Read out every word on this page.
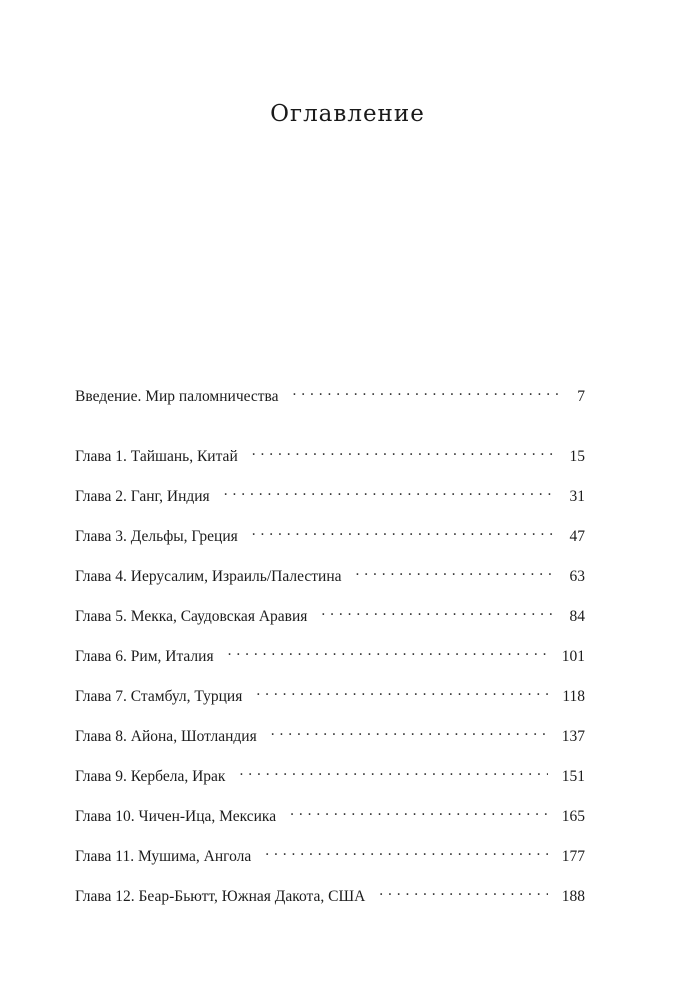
Оглавление
Введение. Мир паломничества . . .	7
Глава 1. Тайшань, Китай . . .	15
Глава 2. Ганг, Индия . . .	31
Глава 3. Дельфы, Греция . . .	47
Глава 4. Иерусалим, Израиль/Палестина . . .	63
Глава 5. Мекка, Саудовская Аравия . . .	84
Глава 6. Рим, Италия . . .	101
Глава 7. Стамбул, Турция . . .	118
Глава 8. Айона, Шотландия . . .	137
Глава 9. Кербела, Ирак . . .	151
Глава 10. Чичен-Ица, Мексика . . .	165
Глава 11. Мушима, Ангола . . .	177
Глава 12. Беар-Бьютт, Южная Дакота, США . . .	188
